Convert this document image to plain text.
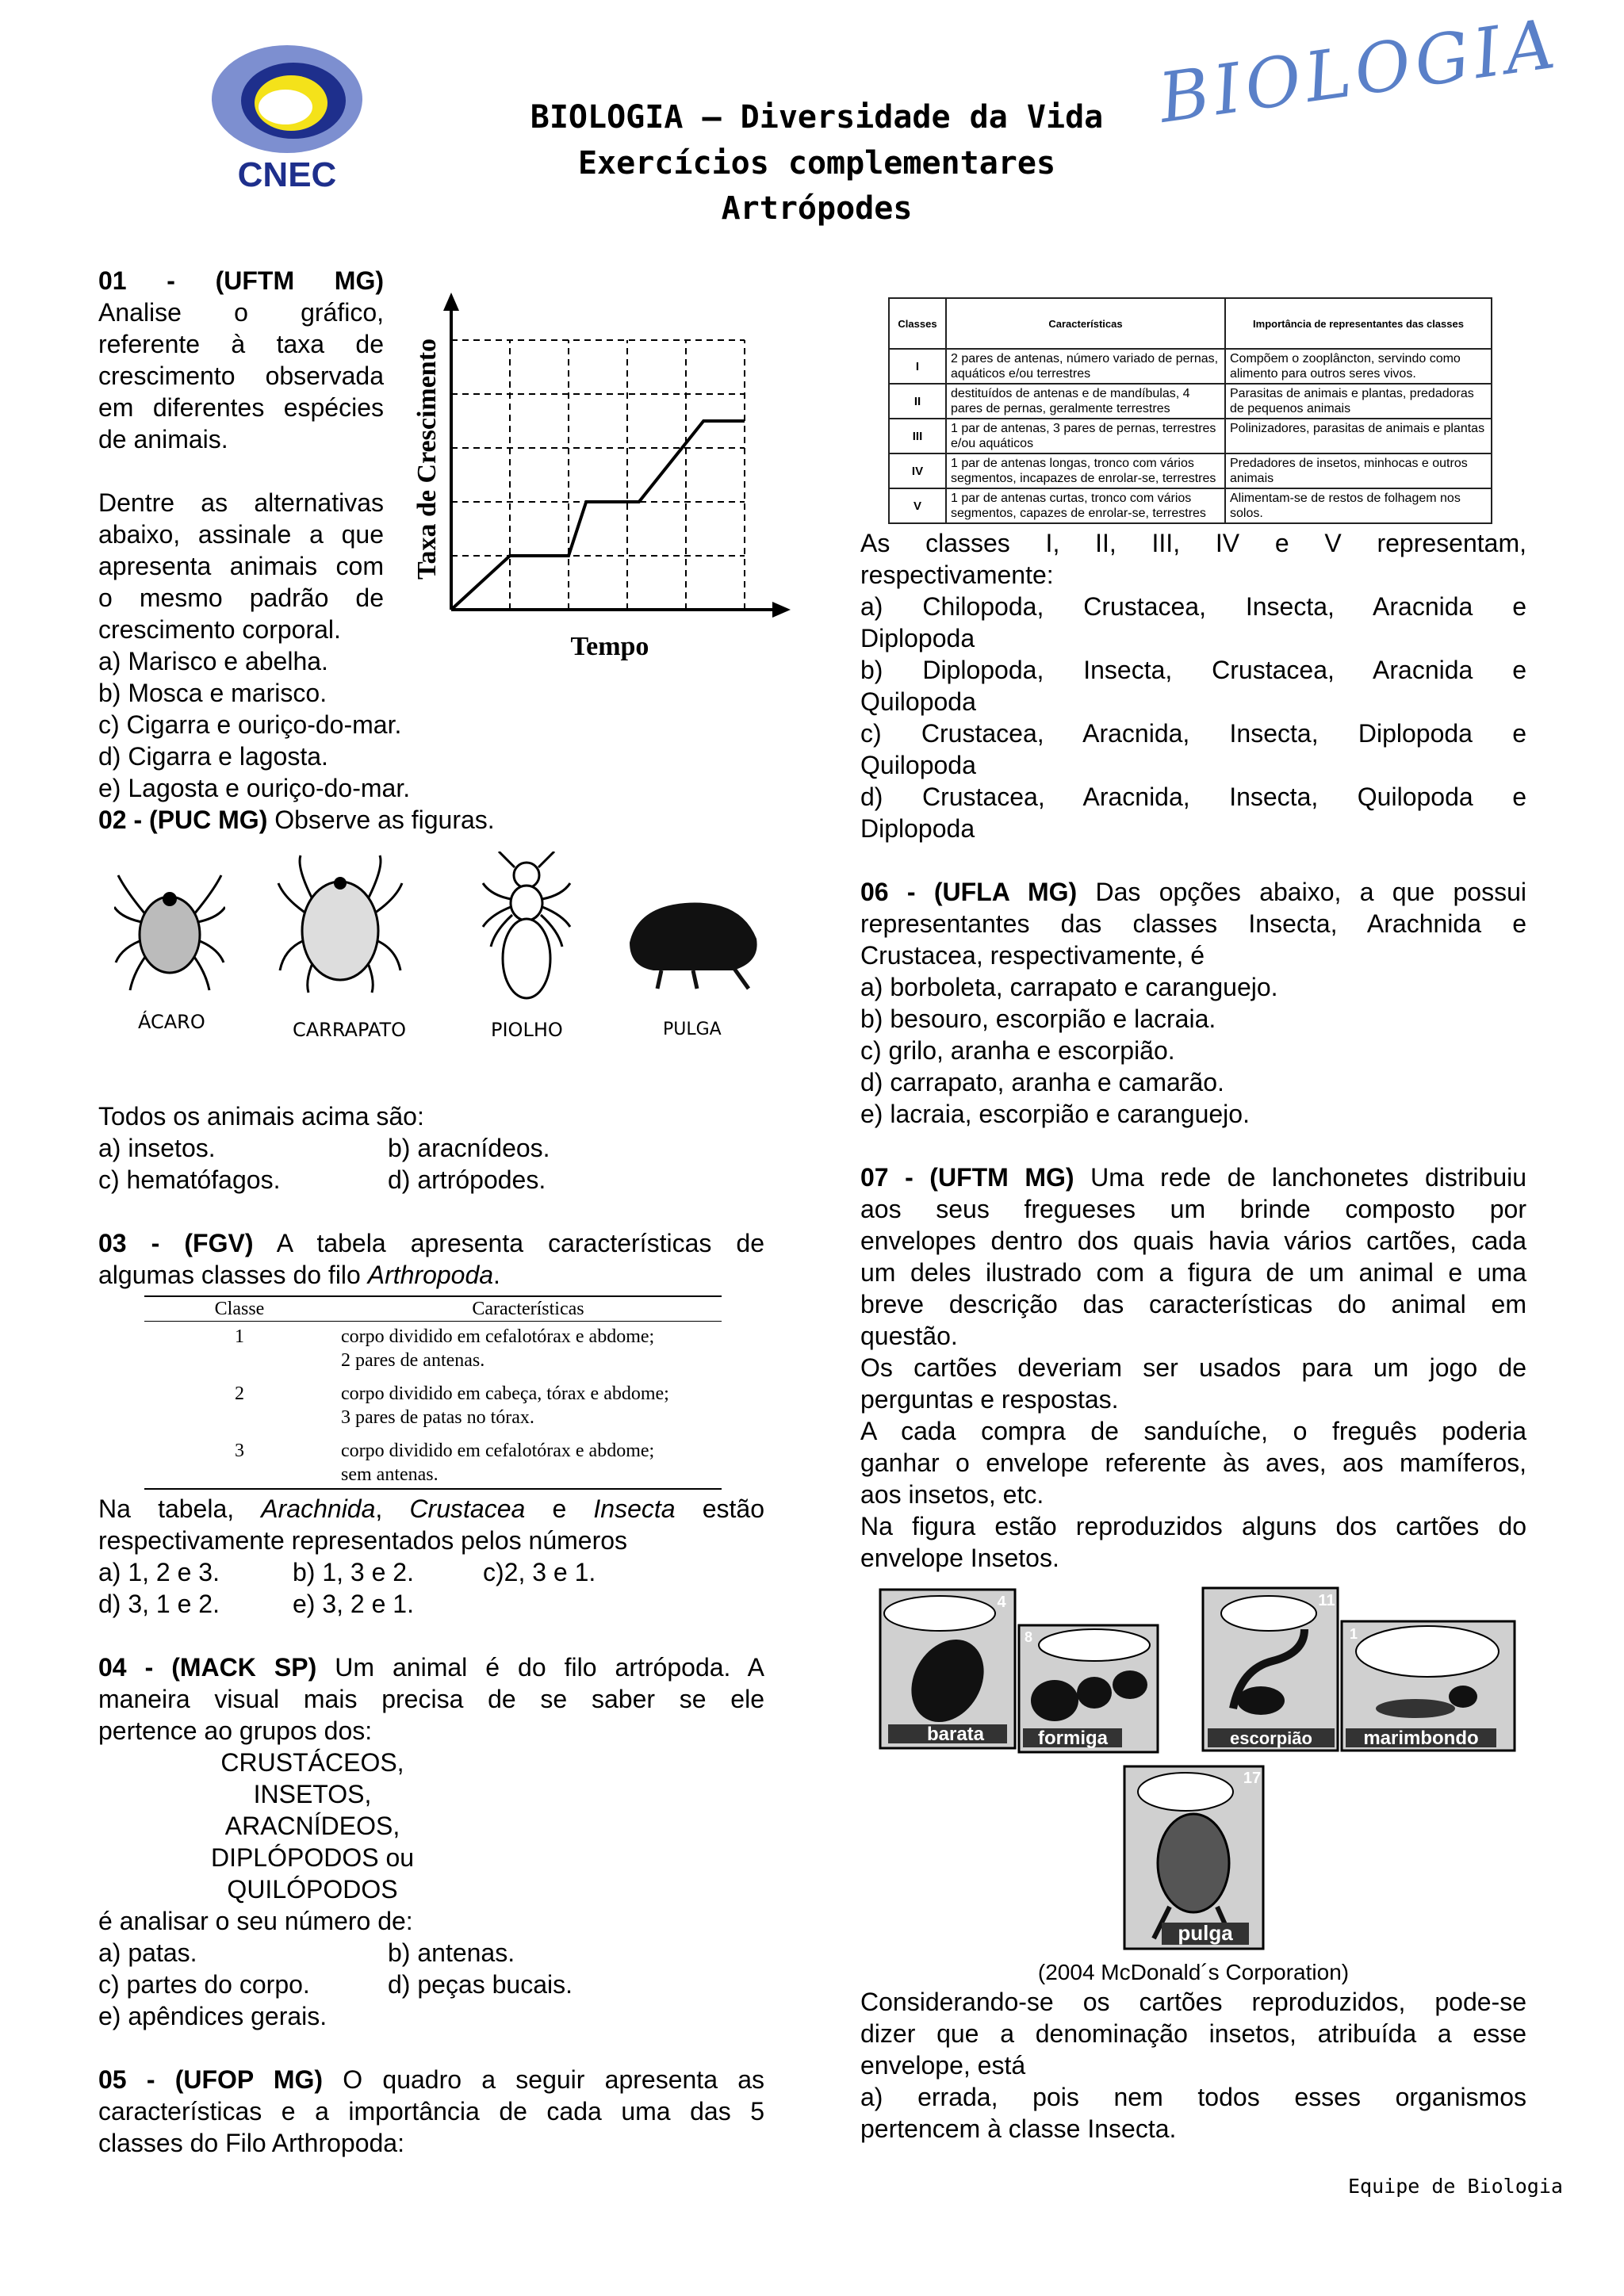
CNEC
BIOLOGIA – Diversidade da Vida
Exercícios complementares
Artrópodes
BIOLOGIA

01 - (UFTM MG)

Analise o gráfico,

referente à taxa de

crescimento observada

em diferentes espécies

de animais.

Dentre as alternativas

abaixo, assinale a que

apresenta animais com

o mesmo padrão de

crescimento corporal.

a) Marisco e abelha.

b) Mosca e marisco.

c) Cigarra e ouriço-do-mar.

d) Cigarra e lagosta.

e) Lagosta e ouriço-do-mar.

Taxa de Crescimento
Tempo

02 - (PUC MG) Observe as figuras.

ÁCARO	CARRAPATO	PIOLHO	PULGA

Todos os animais acima são:

a) insetos.	b) aracnídeos.
c) hematófagos.	d) artrópodes.

03 - (FGV) A tabela apresenta características de

algumas classes do filo Arthropoda.

Classe	Características
1	corpo dividido em cefalotórax e abdome;
2 pares de antenas.
2	corpo dividido em cabeça, tórax e abdome;
3 pares de patas no tórax.
3	corpo dividido em cefalotórax e abdome;
sem antenas.

Na tabela, Arachnida, Crustacea e Insecta estão

respectivamente representados pelos números

a) 1, 2 e 3.	b) 1, 3 e 2.	c)2, 3 e 1.
d) 3, 1 e 2.	e) 3, 2 e 1.

04 - (MACK SP) Um animal é do filo artrópoda. A

maneira visual mais precisa de se saber se ele

pertence ao grupos dos:

CRUSTÁCEOS,

INSETOS,

ARACNÍDEOS,

DIPLÓPODOS ou

QUILÓPODOS

é analisar o seu número de:

a) patas.	b) antenas.
c) partes do corpo.	d) peças bucais.

e) apêndices gerais.

05 - (UFOP MG) O quadro a seguir apresenta as

características e a importância de cada uma das 5

classes do Filo Arthropoda:

Classes	Características	Importância de representantes das classes
I	2 pares de antenas, número variado de pernas, aquáticos e/ou terrestres	Compõem o zooplâncton, servindo como alimento para outros seres vivos.
II	destituídos de antenas e de mandíbulas, 4 pares de pernas, geralmente terrestres	Parasitas de animais e plantas, predadoras de pequenos animais
III	1 par de antenas, 3 pares de pernas, terrestres e/ou aquáticos	Polinizadores, parasitas de animais e plantas
IV	1 par de antenas longas, tronco com vários segmentos, incapazes de enrolar-se, terrestres	Predadores de insetos, minhocas e outros animais
V	1 par de antenas curtas, tronco com vários segmentos, capazes de enrolar-se, terrestres	Alimentam-se de restos de folhagem nos solos.

As classes I, II, III, IV e V representam,

respectivamente:

a) Chilopoda, Crustacea, Insecta, Aracnida e

Diplopoda

b) Diplopoda, Insecta, Crustacea, Aracnida e

Quilopoda

c) Crustacea, Aracnida, Insecta, Diplopoda e

Quilopoda

d) Crustacea, Aracnida, Insecta, Quilopoda e

Diplopoda

06 - (UFLA MG) Das opções abaixo, a que possui

representantes das classes Insecta, Arachnida e

Crustacea, respectivamente, é

a) borboleta, carrapato e caranguejo.

b) besouro, escorpião e lacraia.

c) grilo, aranha e escorpião.

d) carrapato, aranha e camarão.

e) lacraia, escorpião e caranguejo.

07 - (UFTM MG) Uma rede de lanchonetes distribuiu

aos seus fregueses um brinde composto por

envelopes dentro dos quais havia vários cartões, cada

um deles ilustrado com a figura de um animal e uma

breve descrição das características do animal em

questão.

Os cartões deveriam ser usados para um jogo de

perguntas e respostas.

A cada compra de sanduíche, o freguês poderia

ganhar o envelope referente às aves, aos mamíferos,

aos insetos, etc.

Na figura estão reproduzidos alguns dos cartões do

envelope Insetos.

barata
4
formiga
8
escorpião
11
marimbondo
1
pulga
17

(2004 McDonald´s Corporation)

Considerando-se os cartões reproduzidos, pode-se

dizer que a denominação insetos, atribuída a esse

envelope, está

a) errada, pois nem todos esses organismos

pertencem à classe Insecta.

Equipe de Biologia
